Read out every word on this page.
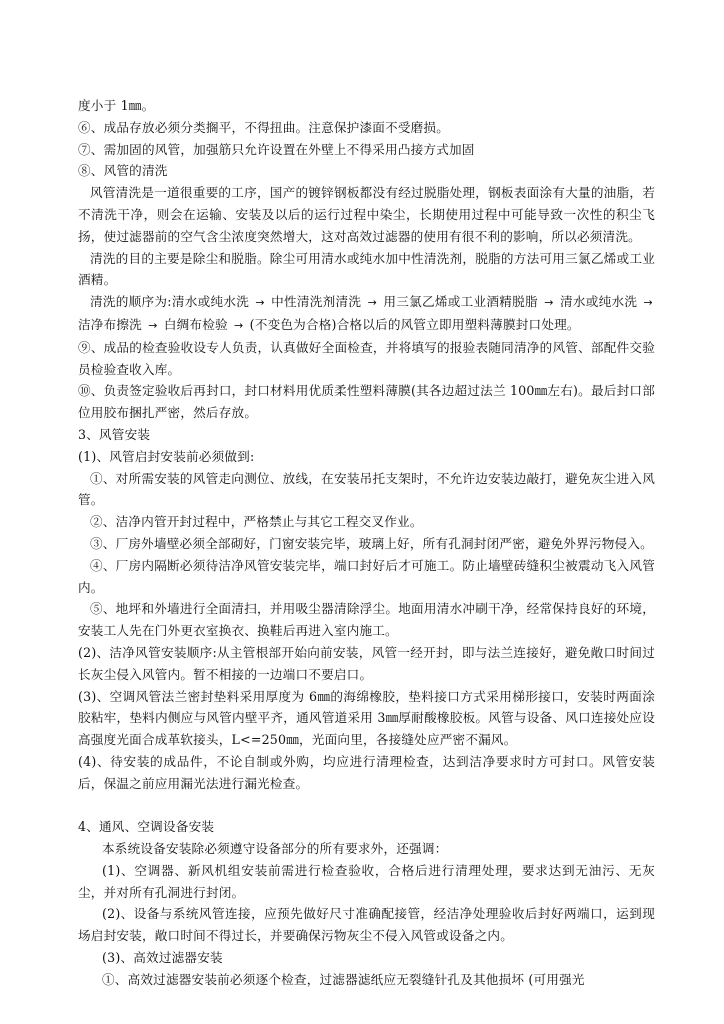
度小于 1㎜。

⑥、成品存放必须分类搁平，不得扭曲。注意保护漆面不受磨损。

⑦、需加固的风管，加强筋只允许设置在外壁上不得采用凸接方式加固

⑧、风管的清洗

风管清洗是一道很重要的工序，国产的镀锌钢板都没有经过脱脂处理，钢板表面涂有大量的油脂，若不清洗干净，则会在运输、安装及以后的运行过程中染尘，长期使用过程中可能导致一次性的积尘飞扬，使过滤器前的空气含尘浓度突然增大，这对高效过滤器的使用有很不利的影响，所以必须清洗。

清洗的目的主要是除尘和脱脂。除尘可用清水或纯水加中性清洗剂，脱脂的方法可用三氯乙烯或工业酒精。

清洗的顺序为:清水或纯水洗 → 中性清洗剂清洗 → 用三氯乙烯或工业酒精脱脂 → 清水或纯水洗 → 洁净布擦洗 → 白绸布检验 → (不变色为合格)合格以后的风管立即用塑料薄膜封口处理。

⑨、成品的检查验收设专人负责，认真做好全面检查，并将填写的报验表随同清净的风管、部配件交验员检验查收入库。

⑩、负责签定验收后再封口，封口材料用优质柔性塑料薄膜(其各边超过法兰 100㎜左右)。最后封口部位用胶布捆扎严密，然后存放。

3、风管安装

(1)、风管启封安装前必须做到:

①、对所需安装的风管走向测位、放线，在安装吊托支架时，不允许边安装边敲打，避免灰尘进入风管。

②、洁净内管开封过程中，严格禁止与其它工程交叉作业。

③、厂房外墙壁必须全部砌好，门窗安装完毕，玻璃上好，所有孔洞封闭严密，避免外界污物侵入。

④、厂房内隔断必须待洁净风管安装完毕，端口封好后才可施工。防止墙壁砖缝积尘被震动飞入风管内。

⑤、地坪和外墙进行全面清扫，并用吸尘器清除浮尘。地面用清水冲刷干净，经常保持良好的环境，安装工人先在门外更衣室换衣、换鞋后再进入室内施工。

(2)、洁净风管安装顺序:从主管根部开始向前安装，风管一经开封，即与法兰连接好，避免敞口时间过长灰尘侵入风管内。暂不相接的一边端口不要启口。

(3)、空调风管法兰密封垫料采用厚度为 6㎜的海绵橡胶，垫料接口方式采用梯形接口，安装时两面涂胶粘牢，垫料内侧应与风管内壁平齐，通风管道采用 3㎜厚耐酸橡胶板。风管与设备、风口连接处应设高强度光面合成革软接头，L<=250㎜，光面向里，各接缝处应严密不漏风。

(4)、待安装的成品件，不论自制或外购，均应进行清理检查，达到洁净要求时方可封口。风管安装后，保温之前应用漏光法进行漏光检查。

4、通风、空调设备安装

本系统设备安装除必须遵守设备部分的所有要求外，还强调：

(1)、空调器、新风机组安装前需进行检查验收，合格后进行清理处理，要求达到无油污、无灰尘，并对所有孔洞进行封闭。

(2)、设备与系统风管连接，应预先做好尺寸准确配接管，经洁净处理验收后封好两端口，运到现场启封安装，敞口时间不得过长，并要确保污物灰尘不侵入风管或设备之内。

(3)、高效过滤器安装

①、高效过滤器安装前必须逐个检查，过滤器滤纸应无裂缝针孔及其他损坏 (可用强光
